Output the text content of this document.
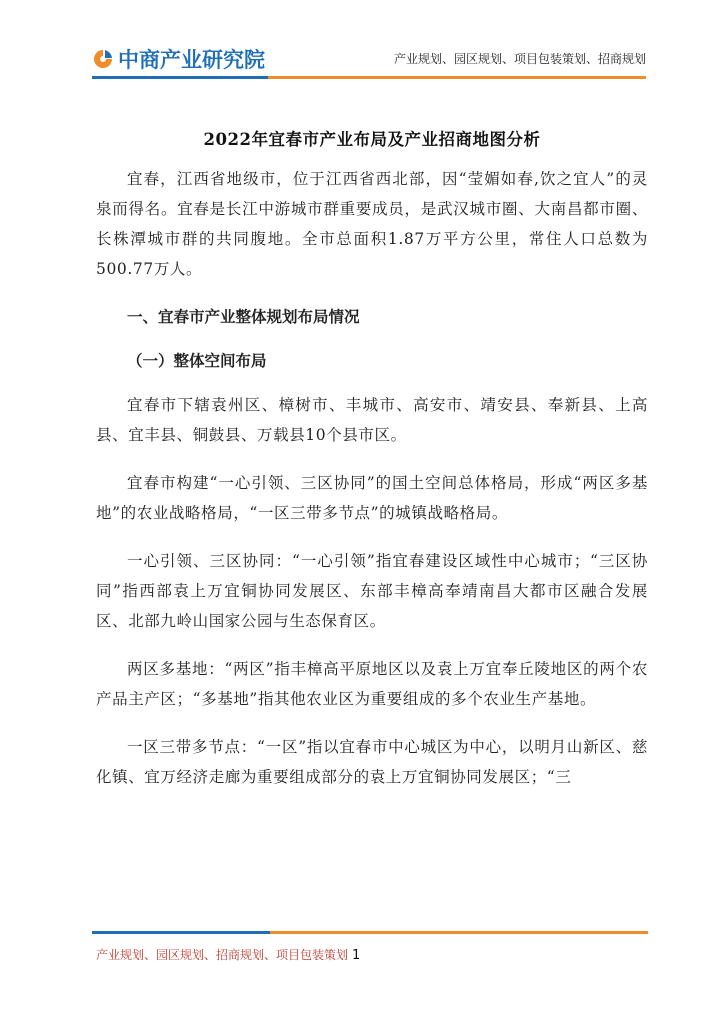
中商产业研究院	产业规划、园区规划、项目包装策划、招商规划
2022年宜春市产业布局及产业招商地图分析

宜春，江西省地级市，位于江西省西北部，因“莹媚如春,饮之宜人”的灵泉而得名。宜春是长江中游城市群重要成员，是武汉城市圈、大南昌都市圈、长株潭城市群的共同腹地。全市总面积1.87万平方公里，常住人口总数为500.77万人。

一、宜春市产业整体规划布局情况
（一）整体空间布局

宜春市下辖袁州区、樟树市、丰城市、高安市、靖安县、奉新县、上高县、宜丰县、铜鼓县、万载县10个县市区。

宜春市构建“一心引领、三区协同”的国土空间总体格局，形成“两区多基地”的农业战略格局，“一区三带多节点”的城镇战略格局。

一心引领、三区协同：“一心引领”指宜春建设区域性中心城市；“三区协同”指西部袁上万宜铜协同发展区、东部丰樟高奉靖南昌大都市区融合发展区、北部九岭山国家公园与生态保育区。

两区多基地：“两区”指丰樟高平原地区以及袁上万宜奉丘陵地区的两个农产品主产区；“多基地”指其他农业区为重要组成的多个农业生产基地。

一区三带多节点：“一区”指以宜春市中心城区为中心，以明月山新区、慈化镇、宜万经济走廊为重要组成部分的袁上万宜铜协同发展区；“三

产业规划、园区规划、招商规划、项目包装策划 1
